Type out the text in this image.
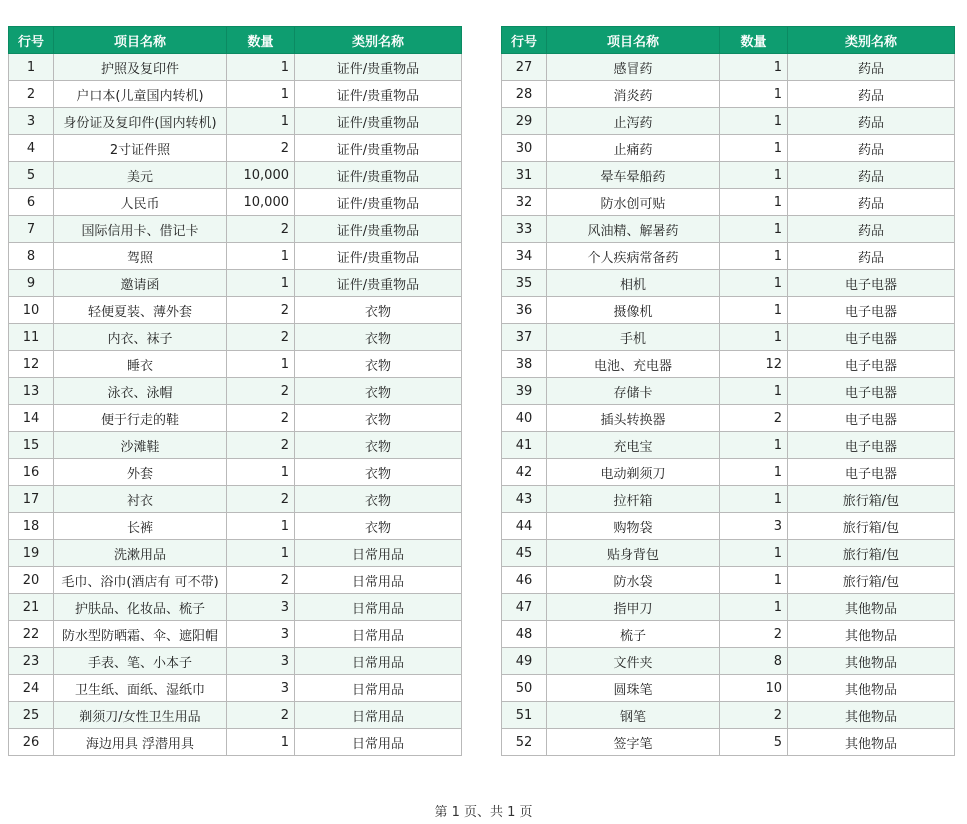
行号	项目名称	数量	类别名称
1	护照及复印件	1	证件/贵重物品
2	户口本(儿童国内转机)	1	证件/贵重物品
3	身份证及复印件(国内转机)	1	证件/贵重物品
4	2寸证件照	2	证件/贵重物品
5	美元	10,000	证件/贵重物品
6	人民币	10,000	证件/贵重物品
7	国际信用卡、借记卡	2	证件/贵重物品
8	驾照	1	证件/贵重物品
9	邀请函	1	证件/贵重物品
10	轻便夏装、薄外套	2	衣物
11	内衣、袜子	2	衣物
12	睡衣	1	衣物
13	泳衣、泳帽	2	衣物
14	便于行走的鞋	2	衣物
15	沙滩鞋	2	衣物
16	外套	1	衣物
17	衬衣	2	衣物
18	长裤	1	衣物
19	洗漱用品	1	日常用品
20	毛巾、浴巾(酒店有 可不带)	2	日常用品
21	护肤品、化妆品、梳子	3	日常用品
22	防水型防晒霜、伞、遮阳帽	3	日常用品
23	手表、笔、小本子	3	日常用品
24	卫生纸、面纸、湿纸巾	3	日常用品
25	剃须刀/女性卫生用品	2	日常用品
26	海边用具 浮潜用具	1	日常用品
行号	项目名称	数量	类别名称
27	感冒药	1	药品
28	消炎药	1	药品
29	止泻药	1	药品
30	止痛药	1	药品
31	晕车晕船药	1	药品
32	防水创可贴	1	药品
33	风油精、解暑药	1	药品
34	个人疾病常备药	1	药品
35	相机	1	电子电器
36	摄像机	1	电子电器
37	手机	1	电子电器
38	电池、充电器	12	电子电器
39	存储卡	1	电子电器
40	插头转换器	2	电子电器
41	充电宝	1	电子电器
42	电动剃须刀	1	电子电器
43	拉杆箱	1	旅行箱/包
44	购物袋	3	旅行箱/包
45	贴身背包	1	旅行箱/包
46	防水袋	1	旅行箱/包
47	指甲刀	1	其他物品
48	梳子	2	其他物品
49	文件夹	8	其他物品
50	圆珠笔	10	其他物品
51	钢笔	2	其他物品
52	签字笔	5	其他物品
第 1 页、共 1 页
